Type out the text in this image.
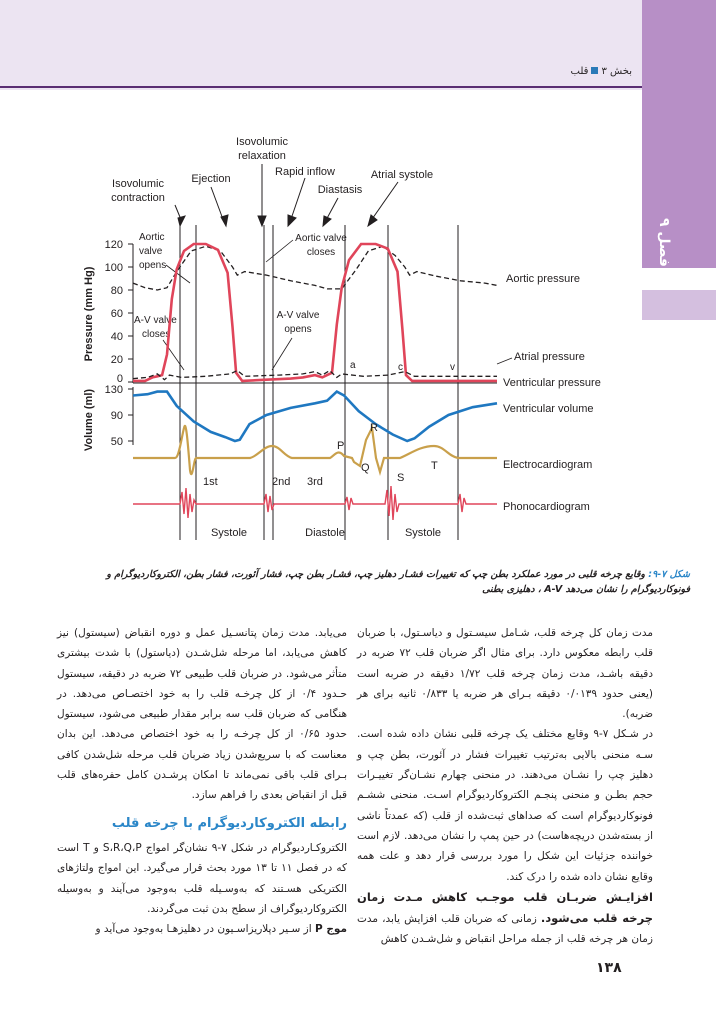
فصل ۹
بخش ۳قلب
120
100
80
60
40
20
0
130
90
50
Pressure (mm Hg)
Volume (ml)
Isovolumic
relaxation
Rapid inflow
Isovolumic
contraction
Ejection
Diastasis
Atrial systole
Aortic
valve
opens
Aortic valve
closes
A-V valve
closes
A-V valve
opens
a	c	v
P
R
Q
S
T
1st	2nd 3rd
Systole	Diastole	Systole
Aortic pressure
Atrial pressure
Ventricular pressure
Ventricular volume
Electrocardiogram
Phonocardiogram
شکل ۷-۹: وقایع چرخه قلبی در مورد عملکرد بطن چپ که تغییرات فشـار دهلیز چپ، فشـار بطن چپ، فشار آئورت، فشار بطن، الکتروکاردیوگرام و فونوکاردیوگرام را نشان می‌دهد A-V ، دهلیزی بطنی

مدت زمان کل چرخه قلب، شـامل سیسـتول و دیاسـتول، با ضربان قلب رابطه معکوس دارد. برای مثال اگر ضربان قلب ۷۲ ضربه در دقیقه باشـد، مدت زمان چرخه قلب ۱/۷۲ دقیقه در ضربه است (یعنی حدود ۰/۰۱۳۹ دقیقه بـرای هر ضربه یا ۰/۸۳۳ ثانیه برای هر ضربه).

در شـکل ۷-۹ وقایع مختلف یک چرخه قلبی نشان داده شده است. سـه منحنی بالایی به‌ترتیب تغییرات فشار در آئورت، بطن چپ و دهلیز چپ را نشـان می‌دهند. در منحنی چهارم نشـان‌گر تغییـرات حجم بطـن و منحنی پنجـم الکتروکاردیوگرام اسـت. منحنی ششـم فونوکاردیوگرام است که صداهای ثبت‌شده از قلب (که عمدتاً ناشی از بسته‌شدن دریچه‌هاست) در حین پمپ را نشان می‌دهد. لازم است خواننده جزئیات این شکل را مورد بررسی قرار دهد و علت همه وقایع نشان داده شده را درک کند.

افزایـش ضربـان قلب موجـب کاهش مـدت زمان چرخه قلب می‌شود. زمانی که ضربان قلب افزایش یابد، مدت زمان هر چرخه قلب از جمله مراحل انقباض و شل‌شـدن کاهش

می‌یابد. مدت زمان پتانسـیل عمل و دوره انقباض (سیستول) نیز کاهش می‌یابد، اما مرحله شل‌شـدن (دیاستول) با شدت بیشتری متأثر می‌شود. در ضربان قلب طبیعی ۷۲ ضربه در دقیقه، سیستول حـدود ۰/۴ از کل چرخـه قلب را به خود اختصـاص می‌دهد. در هنگامی که ضربان قلب سه برابر مقدار طبیعی می‌شود، سیستول حدود ۰/۶۵ از کل چرخـه را به خود اختصاص می‌دهد. این بدان معناست که با سریع‌شدن زیاد ضربان قلب مرحله شل‌شدن کافی بـرای قلب باقی نمی‌ماند تا امکان پرشـدن کامل حفره‌های قلب قبل از انقباض بعدی را فراهم سازد.

رابطه الکتروکاردیوگرام با چرخه قلب

الکتروکـاردیوگرام در شکل ۷-۹ نشان‌گر امواج S،R،Q،P و T است که در فصل ۱۱ تا ۱۳ مورد بحث قرار می‌گیرد. این امواج ولتاژهای الکتریکی هسـتند که به‌وسـیله قلب به‌وجود می‌آیند و به‌وسیله الکتروکاردیوگراف از سطح بدن ثبت می‌گردند.

موج P از سـیر دپلاریزاسـیون در دهلیزهـا به‌وجود می‌آید و

۱۳۸
